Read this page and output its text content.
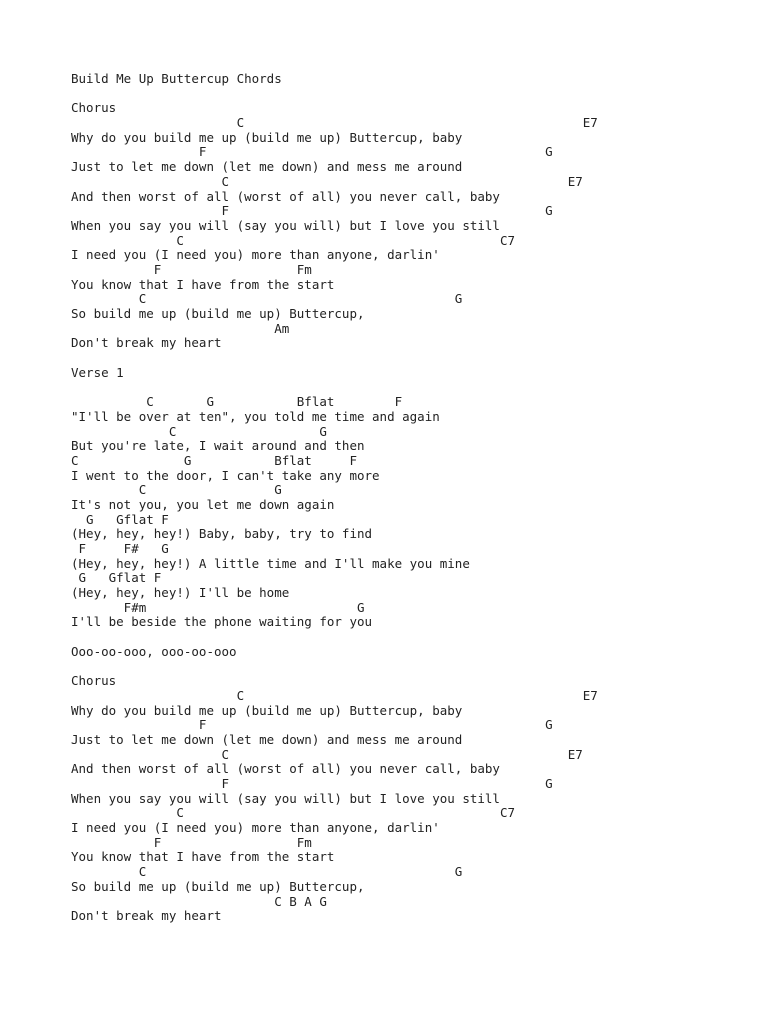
Build Me Up Buttercup Chords
Chorus
C                                             E7
Why do you build me up (build me up) Buttercup, baby
F                                             G
Just to let me down (let me down) and mess me around
C                                             E7
And then worst of all (worst of all) you never call, baby
F                                          G
When you say you will (say you will) but I love you still
C                                          C7
I need you (I need you) more than anyone, darlin'
F                  Fm
You know that I have from the start
C                                         G
So build me up (build me up) Buttercup,
Am
Don't break my heart
Verse 1
C       G           Bflat        F
"I'll be over at ten", you told me time and again
C                   G
But you're late, I wait around and then
C              G           Bflat     F
I went to the door, I can't take any more
C                 G
It's not you, you let me down again
G   Gflat F
(Hey, hey, hey!) Baby, baby, try to find
F     F#   G
(Hey, hey, hey!) A little time and I'll make you mine
G   Gflat F
(Hey, hey, hey!) I'll be home
F#m                            G
I'll be beside the phone waiting for you
Ooo-oo-ooo, ooo-oo-ooo
Chorus
C                                             E7
Why do you build me up (build me up) Buttercup, baby
F                                             G
Just to let me down (let me down) and mess me around
C                                             E7
And then worst of all (worst of all) you never call, baby
F                                          G
When you say you will (say you will) but I love you still
C                                          C7
I need you (I need you) more than anyone, darlin'
F                  Fm
You know that I have from the start
C                                         G
So build me up (build me up) Buttercup,
C B A G
Don't break my heart
